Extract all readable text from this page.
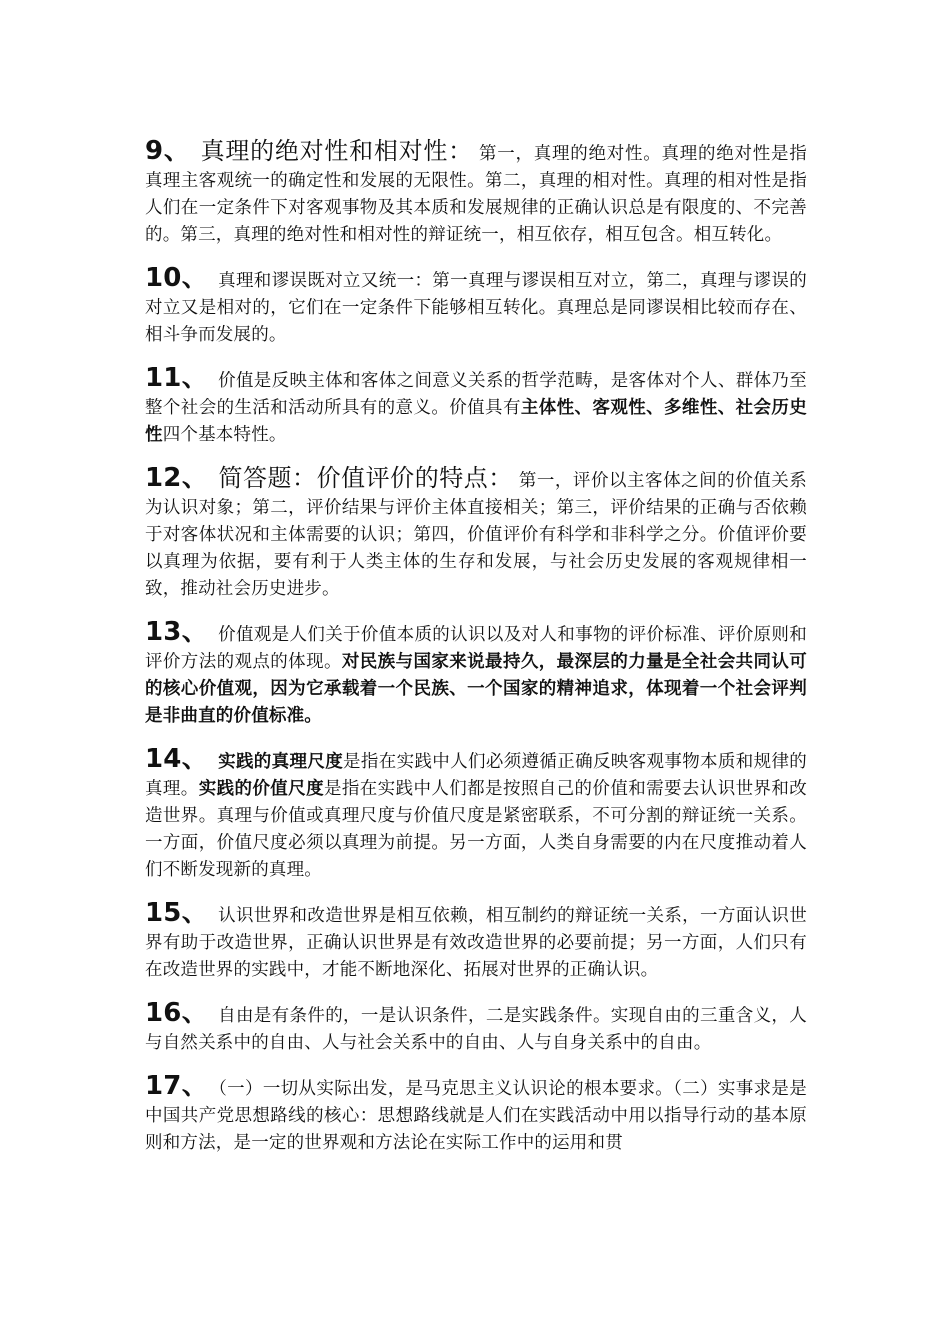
9、 真理的绝对性和相对性： 第一，真理的绝对性。真理的绝对性是指真理主客观统一的确定性和发展的无限性。第二，真理的相对性。真理的相对性是指人们在一定条件下对客观事物及其本质和发展规律的正确认识总是有限度的、不完善的。第三，真理的绝对性和相对性的辩证统一，相互依存，相互包含。相互转化。

10、 真理和谬误既对立又统一：第一真理与谬误相互对立，第二，真理与谬误的对立又是相对的，它们在一定条件下能够相互转化。真理总是同谬误相比较而存在、相斗争而发展的。

11、 价值是反映主体和客体之间意义关系的哲学范畴，是客体对个人、群体乃至整个社会的生活和活动所具有的意义。价值具有主体性、客观性、多维性、社会历史性四个基本特性。

12、 简答题：价值评价的特点： 第一，评价以主客体之间的价值关系为认识对象；第二，评价结果与评价主体直接相关；第三，评价结果的正确与否依赖于对客体状况和主体需要的认识；第四，价值评价有科学和非科学之分。价值评价要以真理为依据，要有利于人类主体的生存和发展，与社会历史发展的客观规律相一致，推动社会历史进步。

13、 价值观是人们关于价值本质的认识以及对人和事物的评价标准、评价原则和评价方法的观点的体现。对民族与国家来说最持久，最深层的力量是全社会共同认可的核心价值观，因为它承载着一个民族、一个国家的精神追求，体现着一个社会评判是非曲直的价值标准。

14、 实践的真理尺度是指在实践中人们必须遵循正确反映客观事物本质和规律的真理。实践的价值尺度是指在实践中人们都是按照自己的价值和需要去认识世界和改造世界。真理与价值或真理尺度与价值尺度是紧密联系，不可分割的辩证统一关系。一方面，价值尺度必须以真理为前提。另一方面，人类自身需要的内在尺度推动着人们不断发现新的真理。

15、 认识世界和改造世界是相互依赖，相互制约的辩证统一关系，一方面认识世界有助于改造世界，正确认识世界是有效改造世界的必要前提；另一方面，人们只有在改造世界的实践中，才能不断地深化、拓展对世界的正确认识。

16、 自由是有条件的，一是认识条件，二是实践条件。实现自由的三重含义，人与自然关系中的自由、人与社会关系中的自由、人与自身关系中的自由。

17、 （一）一切从实际出发，是马克思主义认识论的根本要求。（二）实事求是是中国共产党思想路线的核心：思想路线就是人们在实践活动中用以指导行动的基本原则和方法，是一定的世界观和方法论在实际工作中的运用和贯
